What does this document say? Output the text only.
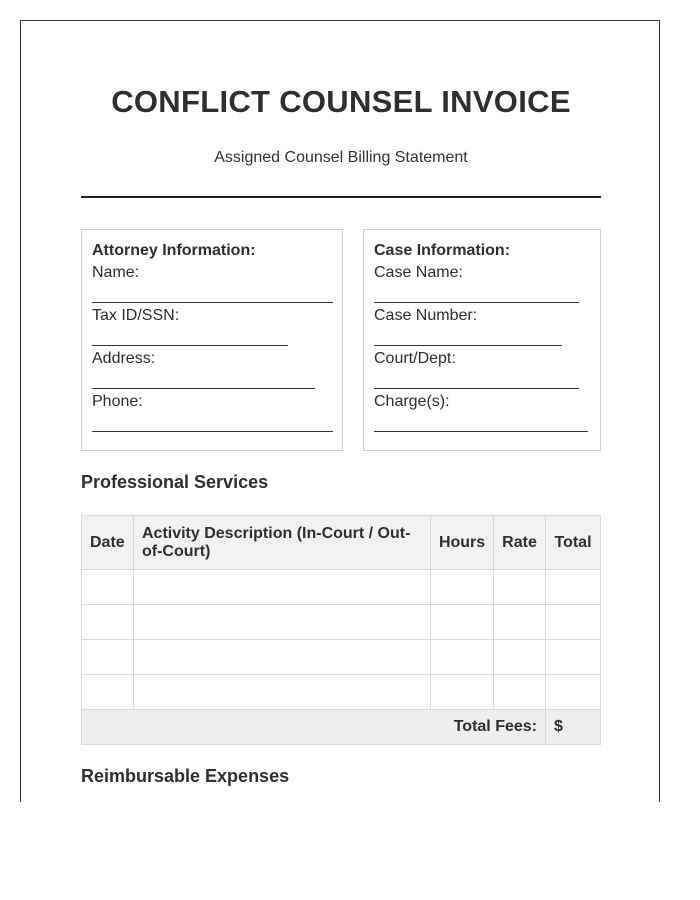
CONFLICT COUNSEL INVOICE
Assigned Counsel Billing Statement
Attorney Information:
Name:
Tax ID/SSN:
Address:
Phone:
Case Information:
Case Name:
Case Number:
Court/Dept:
Charge(s):
Professional Services
Date	Activity Description (In-Court / Out-of-Court)	Hours	Rate	Total

Total Fees:				$
Reimbursable Expenses
